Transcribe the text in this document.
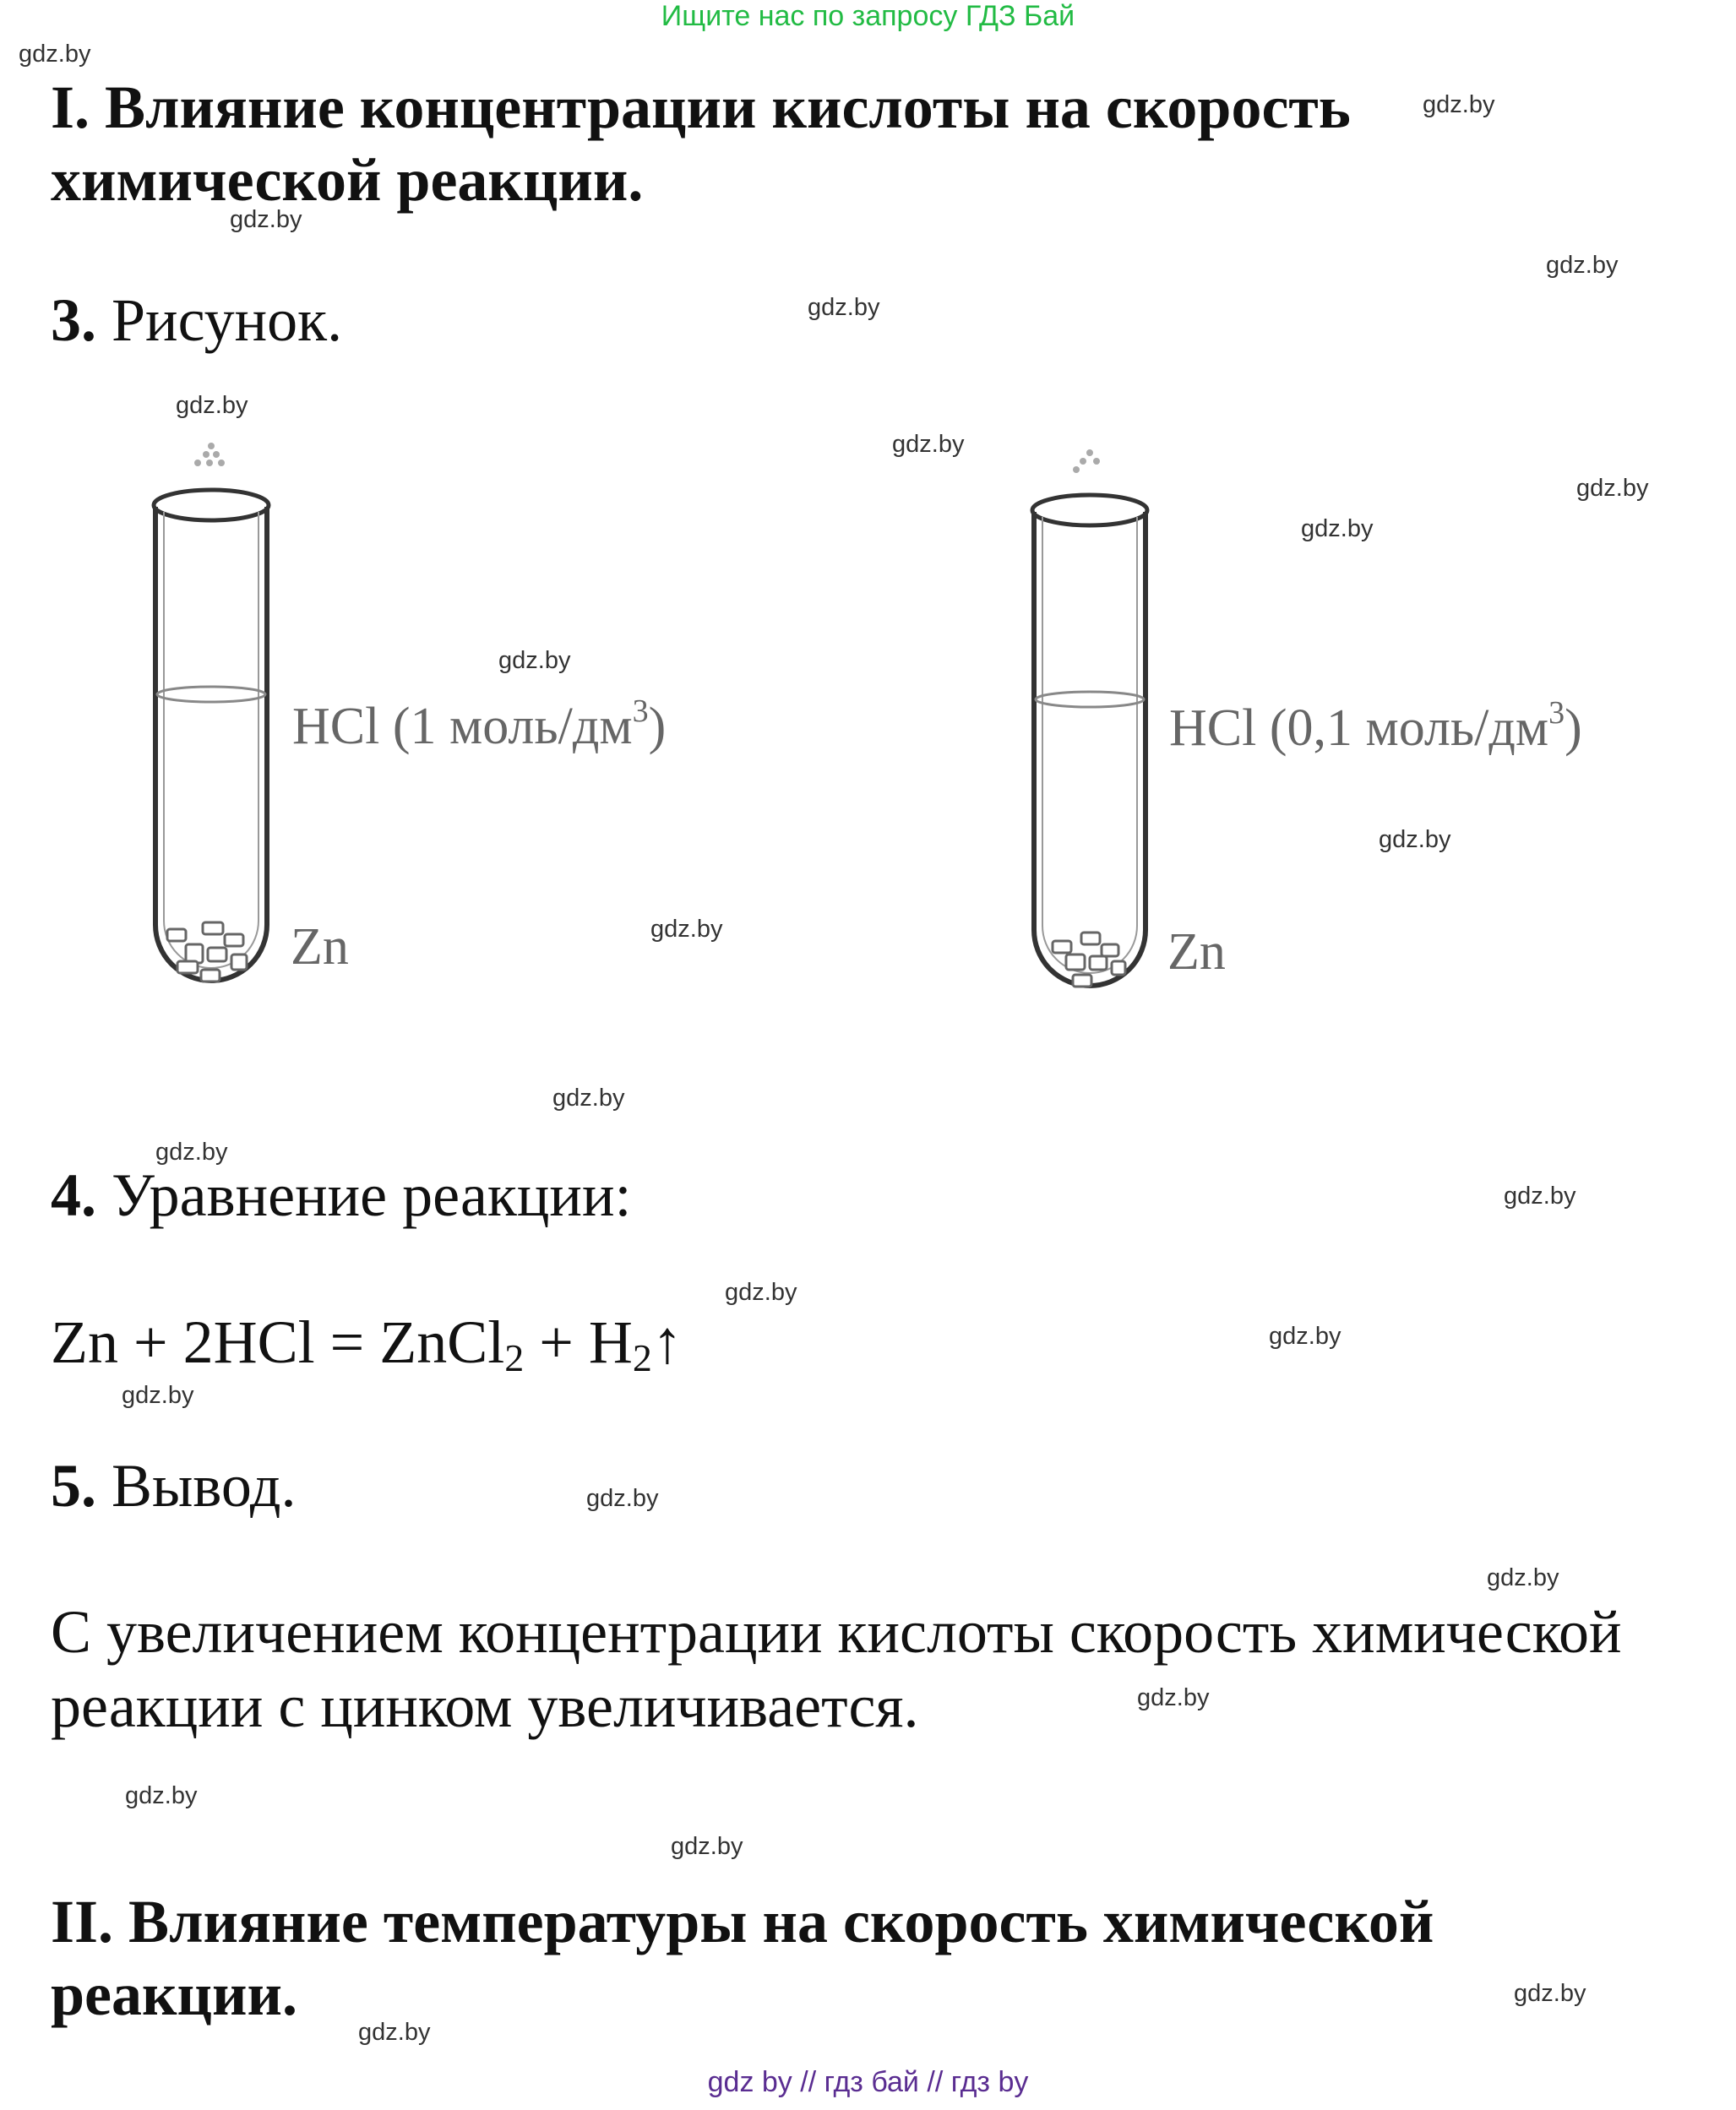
Ищите нас по запросу ГДЗ Бай
I. Влияние концентрации кислоты на скорость
химической реакции.
3. Рисунок.
HCl (1 моль/$дм^3$)
Zn
HCl (0,1 моль/$дм^3$)
Zn
4. Уравнение реакции:
Zn + 2HCl = ZnCl$_2$ + $H_2↑$
5. Вывод.
С увеличением концентрации кислоты скорость химической
реакции с цинком увеличивается.
II. Влияние температуры на скорость химической
реакции.
gdz.by
gdz.by
gdz.by
gdz.by
gdz.by
gdz.by
gdz.by
gdz.by
gdz.by
gdz.by
gdz.by
gdz.by
gdz.by
gdz.by
gdz.by
gdz.by
gdz.by
gdz.by
gdz.by
gdz.by
gdz.by
gdz.by
gdz.by
gdz.by
gdz.by
gdz by // гдз бай // гдз by
